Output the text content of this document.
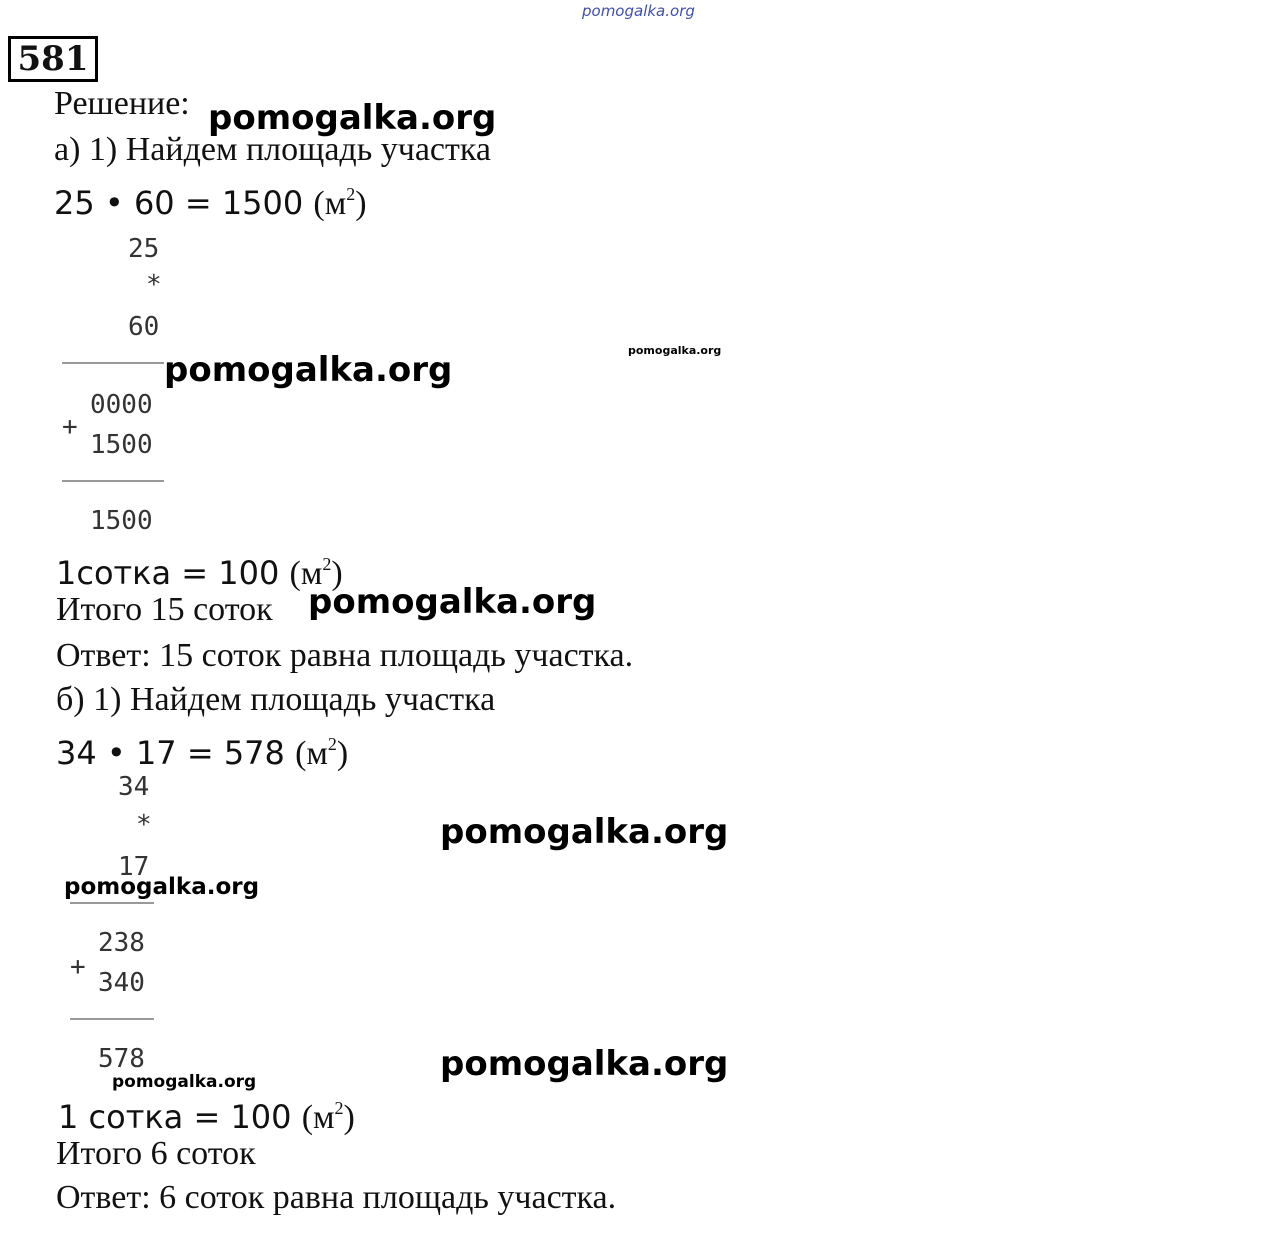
pomogalka.org
581
Решение: pomogalka.org
а) 1) Найдем площадь участка
25 • 60 = 1500 $(м^2)$
25
*
60
pomogalka.org	pomogalka.org
0000
+
1500
1500
1сотка = 100 $(м^2)$
Итого 15 соток pomogalka.org
Ответ: 15 соток равна площадь участка.
б) 1) Найдем площадь участка
34 • 17 = 578 $(м^2)$
34
*
17
pomogalka.org
pomogalka.org
238
+
340
578	pomogalka.org
pomogalka.org
1 сотка = 100 $(м^2)$
Итого 6 соток
Ответ: 6 соток равна площадь участка.
